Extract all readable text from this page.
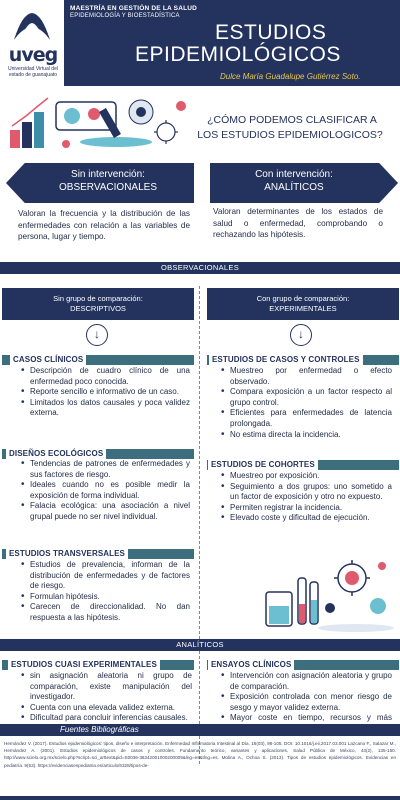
uveg
Universidad Virtual del estado de guanajuato
MAESTRÍA EN GESTIÓN DE LA SALUD
EPIDEMIOLOGÍA Y BIOESTADÍSTICA
ESTUDIOS
EPIDEMIOLÓGICOS
Dulce María Guadalupe Gutiérrez Soto.
¿CÓMO PODEMOS CLASIFICAR A
LOS ESTUDIOS EPIDEMIOLOGICOS?
Sin intervención:
OBSERVACIONALES
Con intervención:
ANALÍTICOS
Valoran la frecuencia y la distribución de las enfermedades con relación a las variables de persona, lugar y tiempo.
Valoran determinantes de los estados de salud o enfermedad, comprobando o rechazando las hipótesis.
OBSERVACIONALES
Sin grupo de comparación:
DESCRIPTIVOS
Con grupo de comparación:
EXPERIMENTALES
↓	↓
CASOS CLÍNICOS
• Descripción de cuadro clínico de una enfermedad poco conocida.
• Reporte sencillo e informativo de un caso.
• Limitados los datos causales y poca validez externa.
DISEÑOS ECOLÓGICOS
• Tendencias de patrones de enfermedades y sus factores de riesgo.
• Ideales cuando no es posible medir la exposición de forma individual.
• Falacia ecológica: una asociación a nivel grupal puede no ser nivel individual.
ESTUDIOS TRANSVERSALES
• Estudios de prevalencia, informan de la distribución de enfermedades y de factores de riesgo.
• Formulan hipótesis.
• Carecen de direccionalidad. No dan respuesta a las hipótesis.
ESTUDIOS DE CASOS Y CONTROLES
• Muestreo por enfermedad o efecto observado.
• Compara exposición a un factor respecto al grupo control.
• Eficientes para enfermedades de latencia prolongada.
• No estima directa la incidencia.
ESTUDIOS DE COHORTES
• Muestreo por exposición.
• Seguimiento a dos grupos: uno sometido a un factor de exposición y otro no expuesto.
• Permiten registrar la incidencia.
• Elevado coste y dificultad de ejecución.
ANALÍTICOS
ESTUDIOS CUASI EXPERIMENTALES
• sin asignación aleatoria ni grupo de comparación, existe manipulación del investigador.
• Cuenta con una elevada validez externa.
• Dificultad para concluir inferencias causales.
ENSAYOS CLÍNICOS
• Intervención con asignación aleatoria y grupo de comparación.
• Exposición controlada con menor riesgo de sesgo y mayor validez externa.
• Mayor coste en tiempo, recursos y más
Fuentes Bibliográficas
Hernández V. (2017). Estudios epidemiológicos: tipos, diseño e interpretación. Enfermedad Inflamatoria Intestinal al Día. 16(03), 98-105. DOI: 10.1016/j.eii.2017.03.001 Lazcano F., Salazar M., Hernández A. (2001). Estudios epidemiológicos de casos y controles. Fundamento teórico, variantes y aplicaciones. Salud Pública de México, 43(2), 135-150. http://www.scielo.org.mx/scielo.php?script=sci_arttext&pid=S0036-36342001000200009&lng=es&tlng=es. Molina A., Ochoa S. (2013). Tipos de estudios epidemiológicos. Evidencias en pediatría. 9(53). https://evidenciasenpediatria.es/articulo/6328/tipos-de-
